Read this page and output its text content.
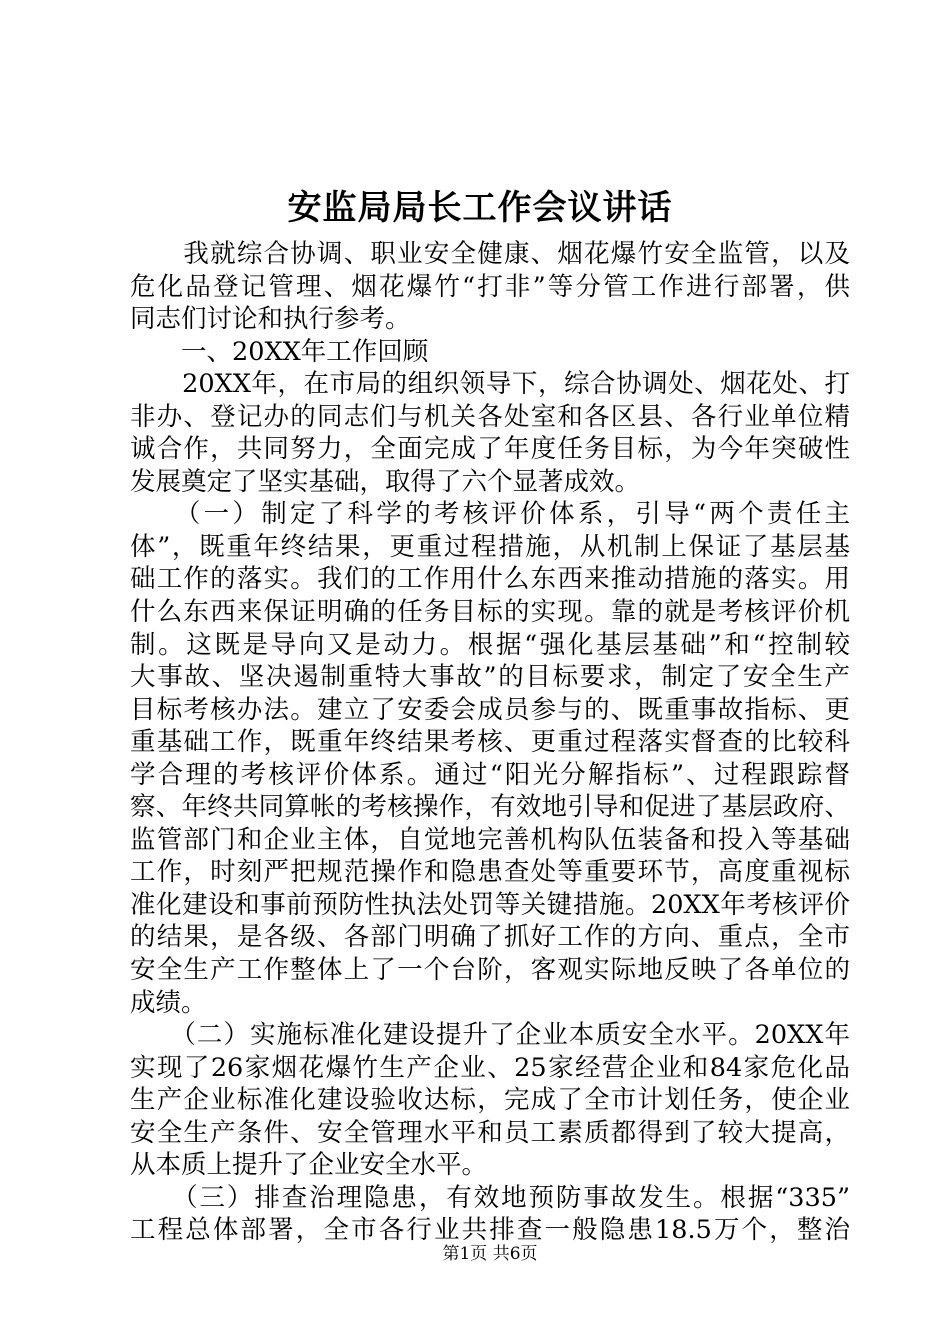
安监局局长工作会议讲话
　　我就综合协调、职业安全健康、烟花爆竹安全监管，以及
危化品登记管理、烟花爆竹“打非”等分管工作进行部署，供
同志们讨论和执行参考。
　　一、20XX年工作回顾
　　20XX年，在市局的组织领导下，综合协调处、烟花处、打
非办、登记办的同志们与机关各处室和各区县、各行业单位精
诚合作，共同努力，全面完成了年度任务目标，为今年突破性
发展奠定了坚实基础，取得了六个显著成效。
　　（一）制定了科学的考核评价体系，引导“两个责任主
体”，既重年终结果，更重过程措施，从机制上保证了基层基
础工作的落实。我们的工作用什么东西来推动措施的落实。用
什么东西来保证明确的任务目标的实现。靠的就是考核评价机
制。这既是导向又是动力。根据“强化基层基础”和“控制较
大事故、坚决遏制重特大事故”的目标要求，制定了安全生产
目标考核办法。建立了安委会成员参与的、既重事故指标、更
重基础工作，既重年终结果考核、更重过程落实督查的比较科
学合理的考核评价体系。通过“阳光分解指标”、过程跟踪督
察、年终共同算帐的考核操作，有效地引导和促进了基层政府、
监管部门和企业主体，自觉地完善机构队伍装备和投入等基础
工作，时刻严把规范操作和隐患查处等重要环节，高度重视标
准化建设和事前预防性执法处罚等关键措施。20XX年考核评价
的结果，是各级、各部门明确了抓好工作的方向、重点，全市
安全生产工作整体上了一个台阶，客观实际地反映了各单位的
成绩。
　　（二）实施标准化建设提升了企业本质安全水平。20XX年
实现了26家烟花爆竹生产企业、25家经营企业和84家危化品
生产企业标准化建设验收达标，完成了全市计划任务，使企业
安全生产条件、安全管理水平和员工素质都得到了较大提高，
从本质上提升了企业安全水平。
　　（三）排查治理隐患，有效地预防事故发生。根据“335”
工程总体部署，全市各行业共排查一般隐患18.5万个，整治
第1页 共6页
